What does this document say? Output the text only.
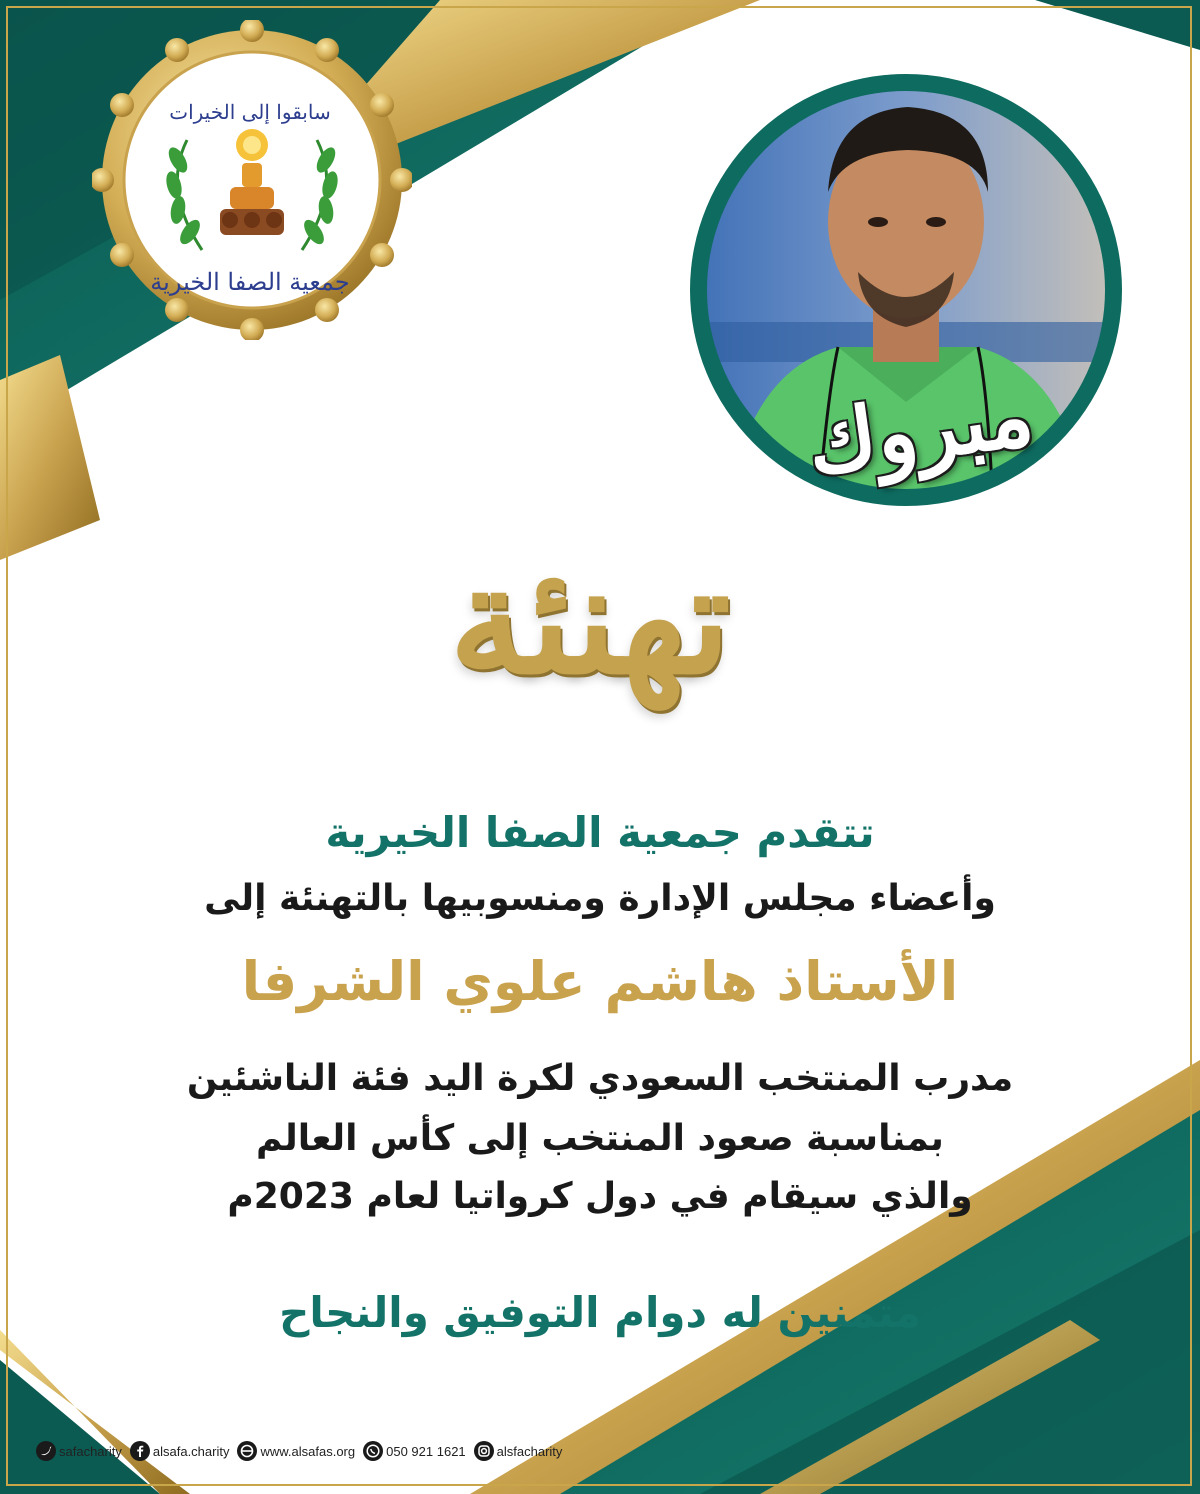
سابقوا إلى الخيرات
جمعية الصفا الخيرية
مبروك
تهنئة
تتقدم جمعية الصفا الخيرية
وأعضاء مجلس الإدارة ومنسوبيها بالتهنئة إلى
الأستاذ هاشم علوي الشرفا
مدرب المنتخب السعودي لكرة اليد فئة الناشئين
بمناسبة صعود المنتخب إلى كأس العالم
والذي سيقام في دول كرواتيا لعام 2023م
متمنين له دوام التوفيق والنجاح
safacharity alsafa.charity www.alsafas.org 050 921 1621 alsfacharity
